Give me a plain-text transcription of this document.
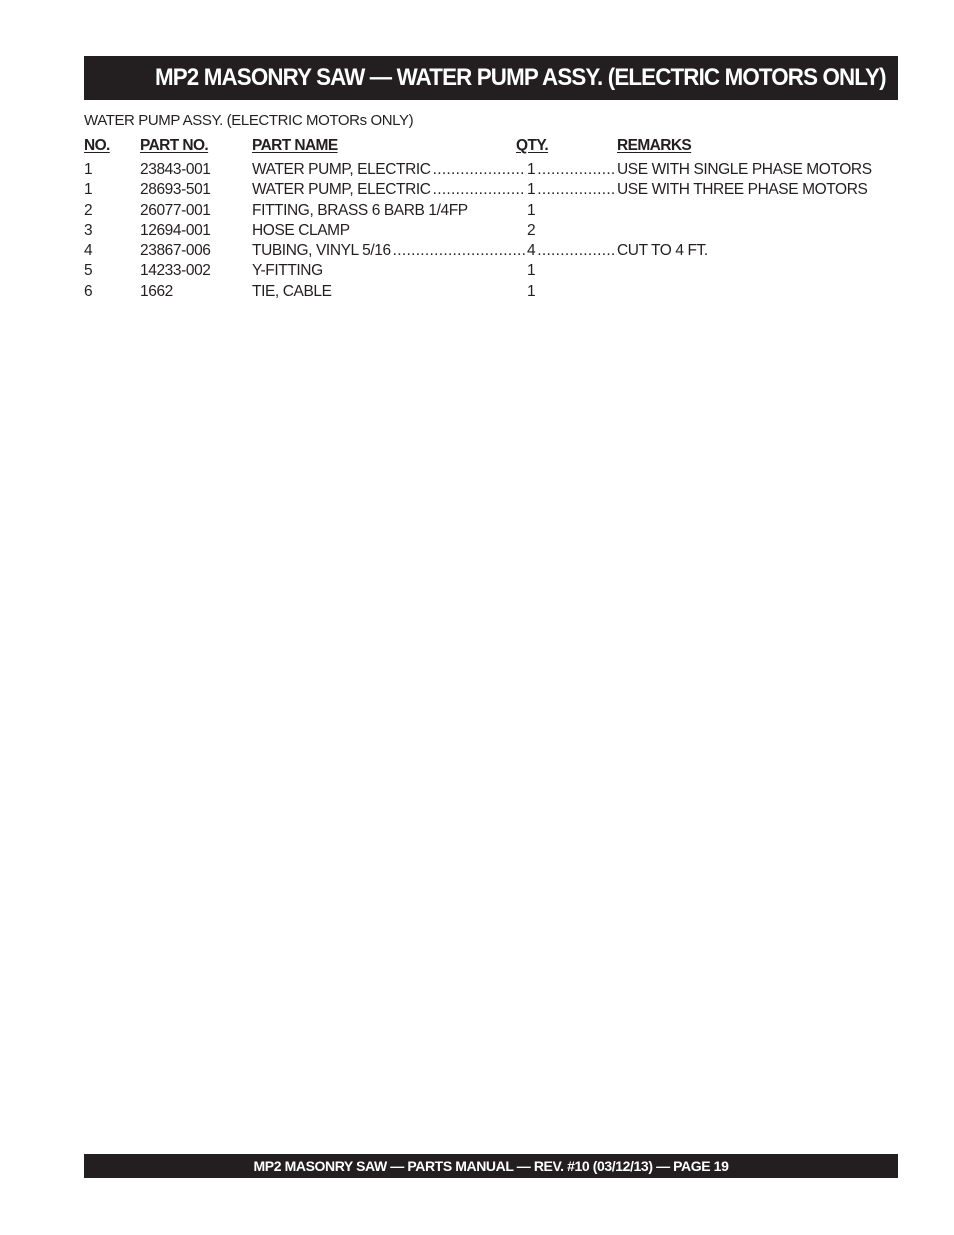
MP2 MASONRY SAW — WATER PUMP ASSY. (ELECTRIC MOTORS ONLY)
WATER PUMP ASSY. (ELECTRIC MOTORs ONLY)
NO. PART NO.	PART NAME	QTY.	REMARKS
1	23843-001	WATER PUMP, ELECTRIC .....	1 .....	USE WITH SINGLE PHASE MOTORS
1	28693-501	WATER PUMP, ELECTRIC .....	1 .....	USE WITH THREE PHASE MOTORS
2	26077-001	FITTING, BRASS 6 BARB 1/4FP	1
3	12694-001	HOSE CLAMP	2
4	23867-006	TUBING, VINYL 5/16 .....	4 .....	CUT TO 4 FT.
5	14233-002	Y-FITTING	1
6	1662	TIE, CABLE	1
MP2 MASONRY SAW — PARTS MANUAL — REV. #10 (03/12/13) — PAGE 19
